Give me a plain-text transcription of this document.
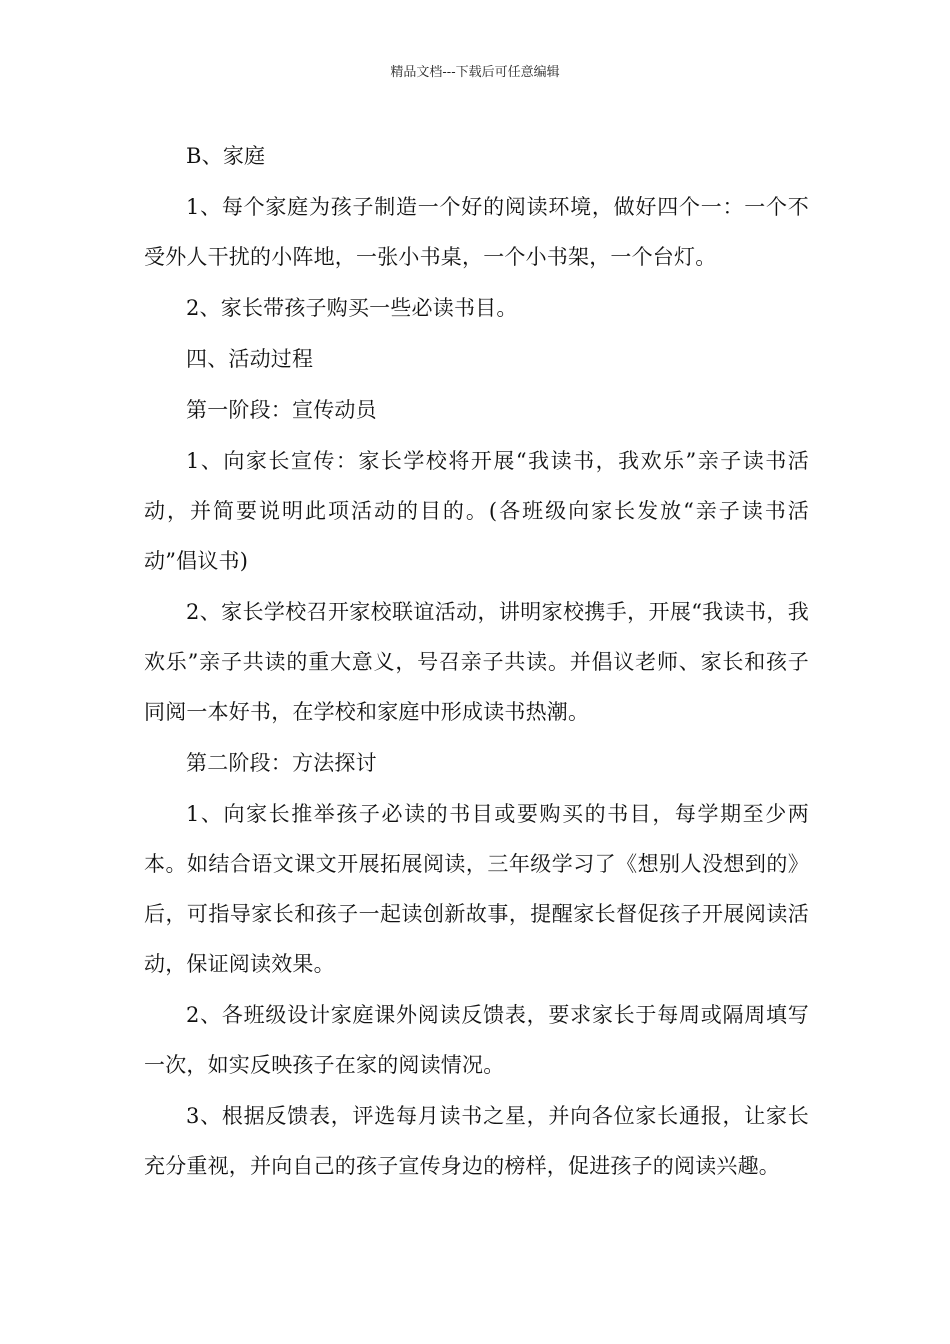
精品文档---下载后可任意编辑

B、家庭

1、每个家庭为孩子制造一个好的阅读环境，做好四个一：一个不受外人干扰的小阵地，一张小书桌，一个小书架，一个台灯。

2、家长带孩子购买一些必读书目。

四、活动过程

第一阶段：宣传动员

1、向家长宣传：家长学校将开展“我读书，我欢乐”亲子读书活动，并简要说明此项活动的目的。(各班级向家长发放“亲子读书活动”倡议书)

2、家长学校召开家校联谊活动，讲明家校携手，开展“我读书，我欢乐”亲子共读的重大意义，号召亲子共读。并倡议老师、家长和孩子同阅一本好书，在学校和家庭中形成读书热潮。

第二阶段：方法探讨

1、向家长推举孩子必读的书目或要购买的书目，每学期至少两本。如结合语文课文开展拓展阅读，三年级学习了《想别人没想到的》后，可指导家长和孩子一起读创新故事，提醒家长督促孩子开展阅读活动，保证阅读效果。

2、各班级设计家庭课外阅读反馈表，要求家长于每周或隔周填写一次，如实反映孩子在家的阅读情况。

3、根据反馈表，评选每月读书之星，并向各位家长通报，让家长充分重视，并向自己的孩子宣传身边的榜样，促进孩子的阅读兴趣。
